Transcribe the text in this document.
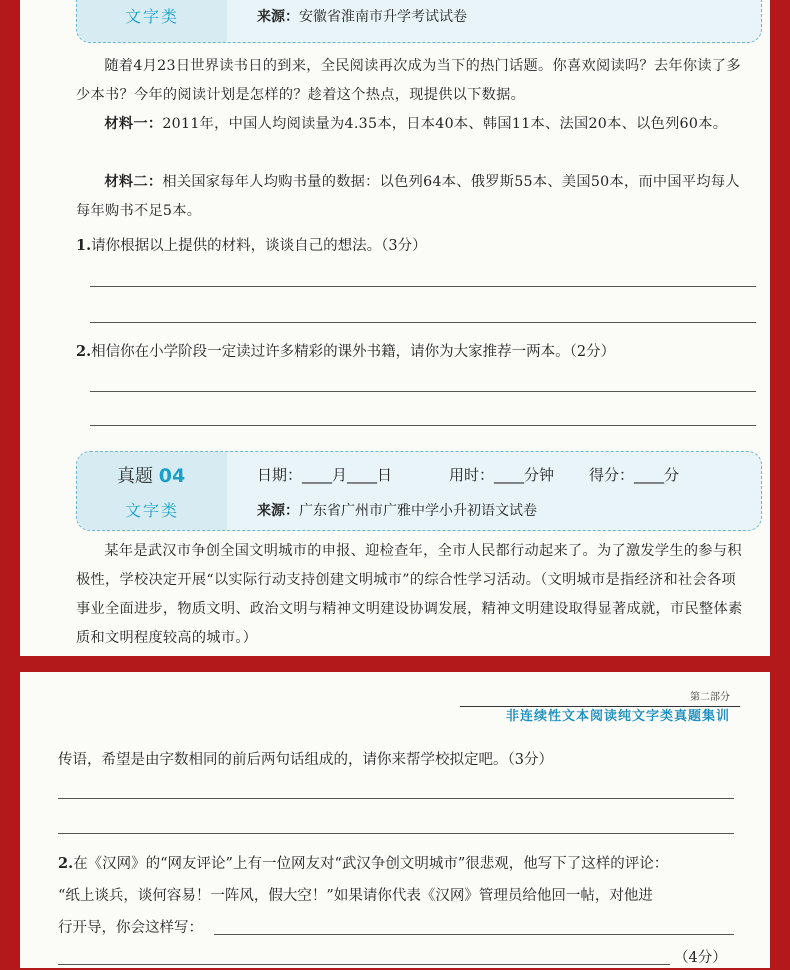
文字类	来源：安徽省淮南市升学考试试卷
随着4月23日世界读书日的到来，全民阅读再次成为当下的热门话题。你喜欢阅读吗？去年你读了多少本书？今年的阅读计划是怎样的？趁着这个热点，现提供以下数据。
材料一：2011年，中国人均阅读量为4.35本，日本40本、韩国11本、法国20本、以色列60本。
材料二：相关国家每年人均购书量的数据：以色列64本、俄罗斯55本、美国50本，而中国平均每人每年购书不足5本。
1.请你根据以上提供的材料，谈谈自己的想法。（3分）
2.相信你在小学阶段一定读过许多精彩的课外书籍，请你为大家推荐一两本。（2分）
真题 04
文字类
日期：____月____日	用时：____分钟 得分：____分
来源：广东省广州市广雅中学小升初语文试卷
某年是武汉市争创全国文明城市的申报、迎检查年，全市人民都行动起来了。为了激发学生的参与积极性，学校决定开展“以实际行动支持创建文明城市”的综合性学习活动。（文明城市是指经济和社会各项事业全面进步，物质文明、政治文明与精神文明建设协调发展，精神文明建设取得显著成就，市民整体素质和文明程度较高的城市。）
第二部分
非连续性文本阅读纯文字类真题集训
传语，希望是由字数相同的前后两句话组成的，请你来帮学校拟定吧。（3分）
2.在《汉网》的“网友评论”上有一位网友对“武汉争创文明城市”很悲观，他写下了这样的评论：
“纸上谈兵，谈何容易！一阵风，假大空！”如果请你代表《汉网》管理员给他回一帖，对他进
行开导，你会这样写：
（4分）
